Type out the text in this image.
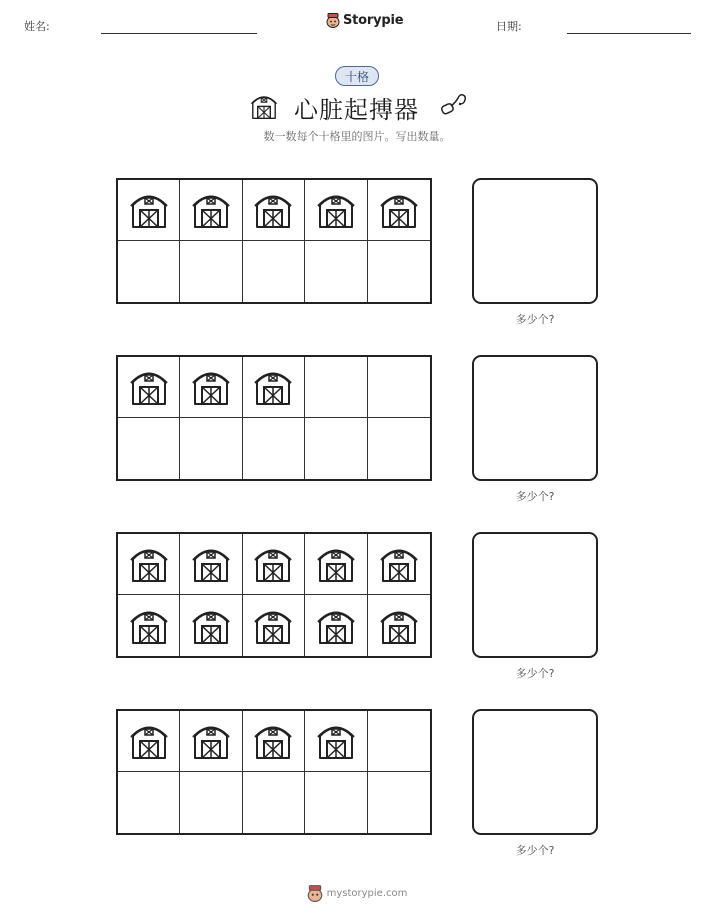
姓名:	Storypie	日期:
十格
心脏起搏器
数一数每个十格里的图片。写出数量。
多少个?
多少个?
多少个?
多少个?
mystorypie.com
